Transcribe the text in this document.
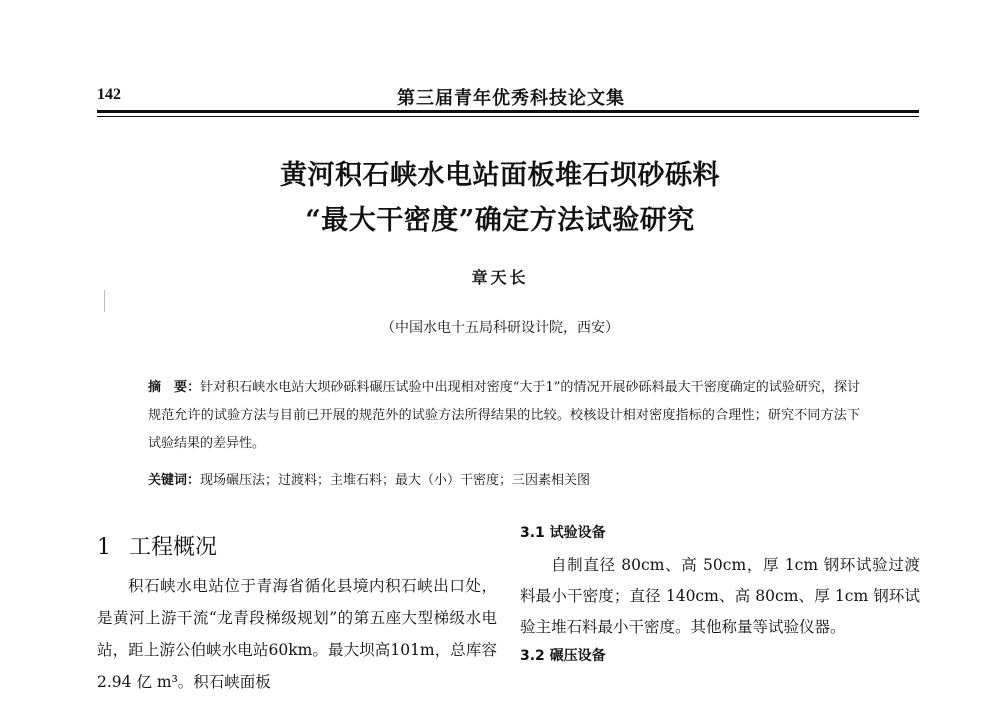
142	第三届青年优秀科技论文集
黄河积石峡水电站面板堆石坝砂砾料
“最大干密度”确定方法试验研究
章天长
（中国水电十五局科研设计院，西安）
摘　要：针对积石峡水电站大坝砂砾料碾压试验中出现相对密度“大于1”的情况开展砂砾料最大干密度确定的试验研究，探讨规范允许的试验方法与目前已开展的规范外的试验方法所得结果的比较。校核设计相对密度指标的合理性；研究不同方法下试验结果的差异性。
关键词：现场碾压法；过渡料；主堆石料；最大（小）干密度；三因素相关图
1 工程概况

积石峡水电站位于青海省循化县境内积石峡出口处，是黄河上游干流“龙青段梯级规划”的第五座大型梯级水电站，距上游公伯峡水电站60km。最大坝高101m，总库容2.94 亿 m³。积石峡面板

3.1 试验设备

自制直径 80cm、高 50cm，厚 1cm 钢环试验过渡料最小干密度；直径 140cm、高 80cm、厚 1cm 钢环试验主堆石料最小干密度。其他称量等试验仪器。

3.2 碾压设备
